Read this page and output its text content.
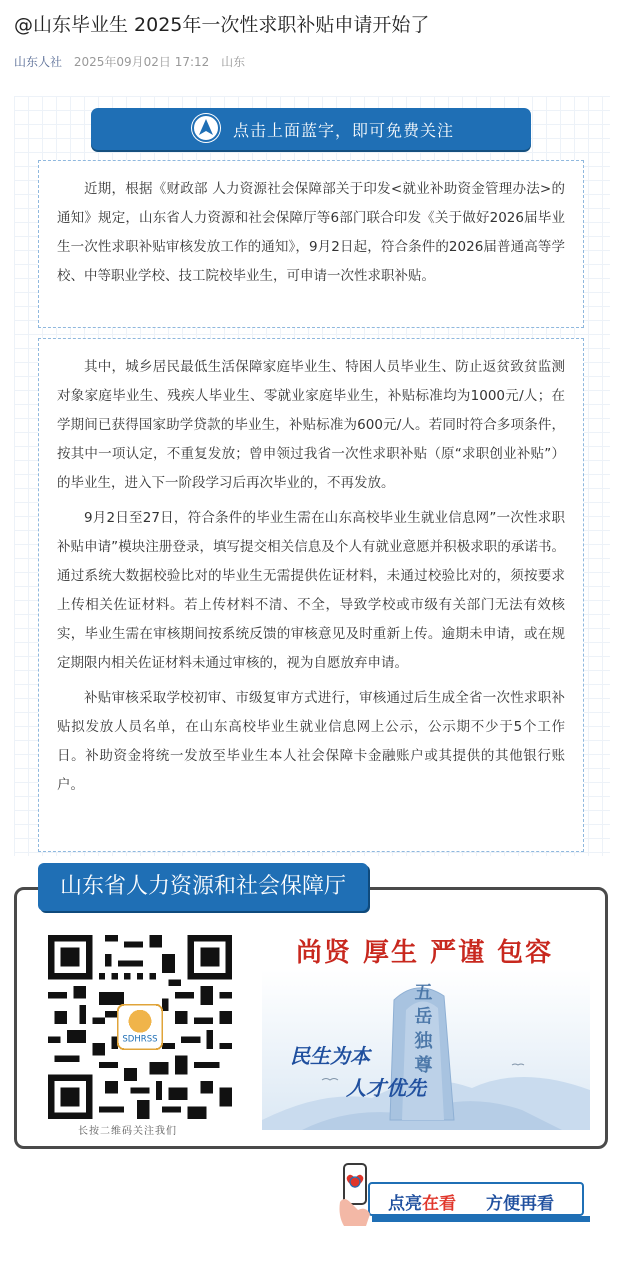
@山东毕业生 2025年一次性求职补贴申请开始了
山东人社 2025年09月02日 17:12 山东
点击上面蓝字，即可免费关注

近期，根据《财政部 人力资源社会保障部关于印发<就业补助资金管理办法>的通知》规定，山东省人力资源和社会保障厅等6部门联合印发《关于做好2026届毕业生一次性求职补贴审核发放工作的通知》，9月2日起，符合条件的2026届普通高等学校、中等职业学校、技工院校毕业生，可申请一次性求职补贴。

其中，城乡居民最低生活保障家庭毕业生、特困人员毕业生、防止返贫致贫监测对象家庭毕业生、残疾人毕业生、零就业家庭毕业生，补贴标准均为1000元/人；在学期间已获得国家助学贷款的毕业生，补贴标准为600元/人。若同时符合多项条件，按其中一项认定，不重复发放；曾申领过我省一次性求职补贴（原“求职创业补贴”）的毕业生，进入下一阶段学习后再次毕业的，不再发放。

9月2日至27日，符合条件的毕业生需在山东高校毕业生就业信息网”一次性求职补贴申请”模块注册登录，填写提交相关信息及个人有就业意愿并积极求职的承诺书。通过系统大数据校验比对的毕业生无需提供佐证材料，未通过校验比对的，须按要求上传相关佐证材料。若上传材料不清、不全，导致学校或市级有关部门无法有效核实，毕业生需在审核期间按系统反馈的审核意见及时重新上传。逾期未申请，或在规定期限内相关佐证材料未通过审核的，视为自愿放弃申请。

补贴审核采取学校初审、市级复审方式进行，审核通过后生成全省一次性求职补贴拟发放人员名单，在山东高校毕业生就业信息网上公示，公示期不少于5个工作日。补助资金将统一发放至毕业生本人社会保障卡金融账户或其提供的其他银行账户。

山东省人力资源和社会保障厅
SDHRSS
长按二维码关注我们
尚贤 厚生 严谨 包容
五 岳 独 尊
民生为本
人才优先
点亮在看 方便再看
